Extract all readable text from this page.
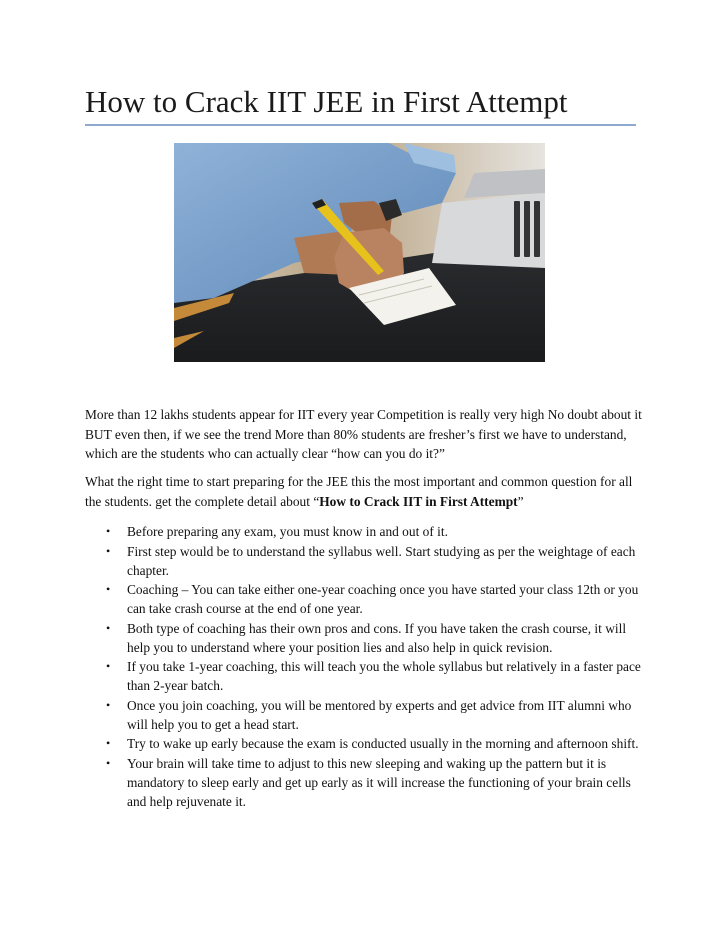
How to Crack IIT JEE in First Attempt

More than 12 lakhs students appear for IIT every year Competition is really very high No doubt about it BUT even then, if we see the trend More than 80% students are fresher’s first we have to understand, which are the students who can actually clear “how can you do it?”

What the right time to start preparing for the JEE this the most important and common question for all the students. get the complete detail about “How to Crack IIT in First Attempt”

• Before preparing any exam, you must know in and out of it.
• First step would be to understand the syllabus well. Start studying as per the weightage of each chapter.
• Coaching – You can take either one-year coaching once you have started your class 12th or you can take crash course at the end of one year.
• Both type of coaching has their own pros and cons. If you have taken the crash course, it will help you to understand where your position lies and also help in quick revision.
• If you take 1-year coaching, this will teach you the whole syllabus but relatively in a faster pace than 2-year batch.
• Once you join coaching, you will be mentored by experts and get advice from IIT alumni who will help you to get a head start.
• Try to wake up early because the exam is conducted usually in the morning and afternoon shift.
• Your brain will take time to adjust to this new sleeping and waking up the pattern but it is mandatory to sleep early and get up early as it will increase the functioning of your brain cells and help rejuvenate it.
